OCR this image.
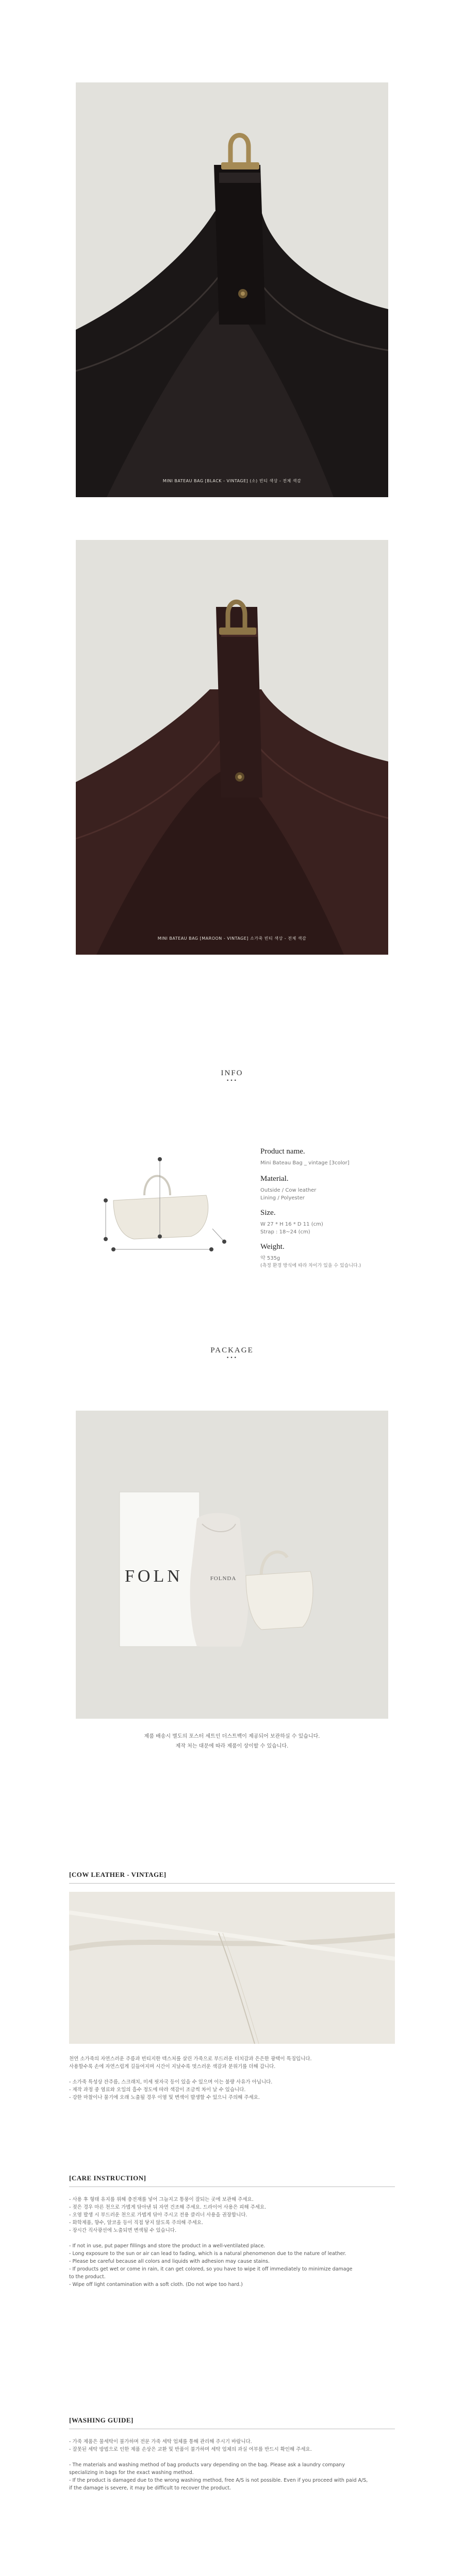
MINI BATEAU BAG [BLACK - VINTAGE] (소) 빈티 색상 - 전체 색감
MINI BATEAU BAG [MAROON - VINTAGE] 소가죽 빈티 색상 - 전체 색감
INFO
•••
Product name.
Mini Bateau Bag _ vintage [3color]
Material.
Outside / Cow leather
Lining / Polyester
Size.
W 27 * H 16 * D 11 (cm)
Strap : 18~24 (cm)
Weight.
약 535g
(측정 환경 방식에 따라 차이가 있을 수 있습니다.)
PACKAGE
•••
FOLN	FOLNDA
제품 배송시 별도의 포스터 세트인 더스트백이 제공되어 보관하실 수 있습니다.
제작 처는 대문에 따라 제품이 상이할 수 있습니다.
[COW LEATHER - VINTAGE]

천연 소가죽의 자연스러운 주름과 빈티지한 텍스처를 살린 가죽으로 부드러운 터치감과 은은한 광택이 특징입니다.

사용할수록 손에 자연스럽게 길들여지며 시간이 지날수록 멋스러운 색감과 분위기를 더해 갑니다.

- 소가죽 특성상 잔주름, 스크래치, 미세 핏자국 등이 있을 수 있으며 이는 불량 사유가 아닙니다.

- 제작 과정 중 염료와 오일의 흡수 정도에 따라 색감이 조금씩 차이 날 수 있습니다.

- 강한 마찰이나 물기에 오래 노출될 경우 이염 및 변색이 발생할 수 있으니 주의해 주세요.

[CARE INSTRUCTION]

- 사용 후 형태 유지를 위해 충전재를 넣어 그늘지고 통풍이 잘되는 곳에 보관해 주세요.

- 젖은 경우 마른 천으로 가볍게 닦아낸 뒤 자연 건조해 주세요. 드라이어 사용은 피해 주세요.

- 오염 발생 시 부드러운 천으로 가볍게 닦아 주시고 전용 클리너 사용을 권장합니다.

- 화학제품, 향수, 알코올 등이 직접 닿지 않도록 주의해 주세요.

- 장시간 직사광선에 노출되면 변색될 수 있습니다.

- If not in use, put paper fillings and store the product in a well-ventilated place.

- Long exposure to the sun or air can lead to fading, which is a natural phenomenon due to the nature of leather.

- Please be careful because all colors and liquids with adhesion may cause stains.

- If products get wet or come in rain, it can get colored, so you have to wipe it off immediately to minimize damage

to the product.

- Wipe off light contamination with a soft cloth. (Do not wipe too hard.)

[WASHING GUIDE]

- 가죽 제품은 물세탁이 불가하며 전문 가죽 세탁 업체를 통해 관리해 주시기 바랍니다.

- 잘못된 세탁 방법으로 인한 제품 손상은 교환 및 반품이 불가하며 세탁 업체의 과실 여부를 반드시 확인해 주세요.

- The materials and washing method of bag products vary depending on the bag. Please ask a laundry company

specializing in bags for the exact washing method.

- If the product is damaged due to the wrong washing method, free A/S is not possible. Even if you proceed with paid A/S,

if the damage is severe, it may be difficult to recover the product.
